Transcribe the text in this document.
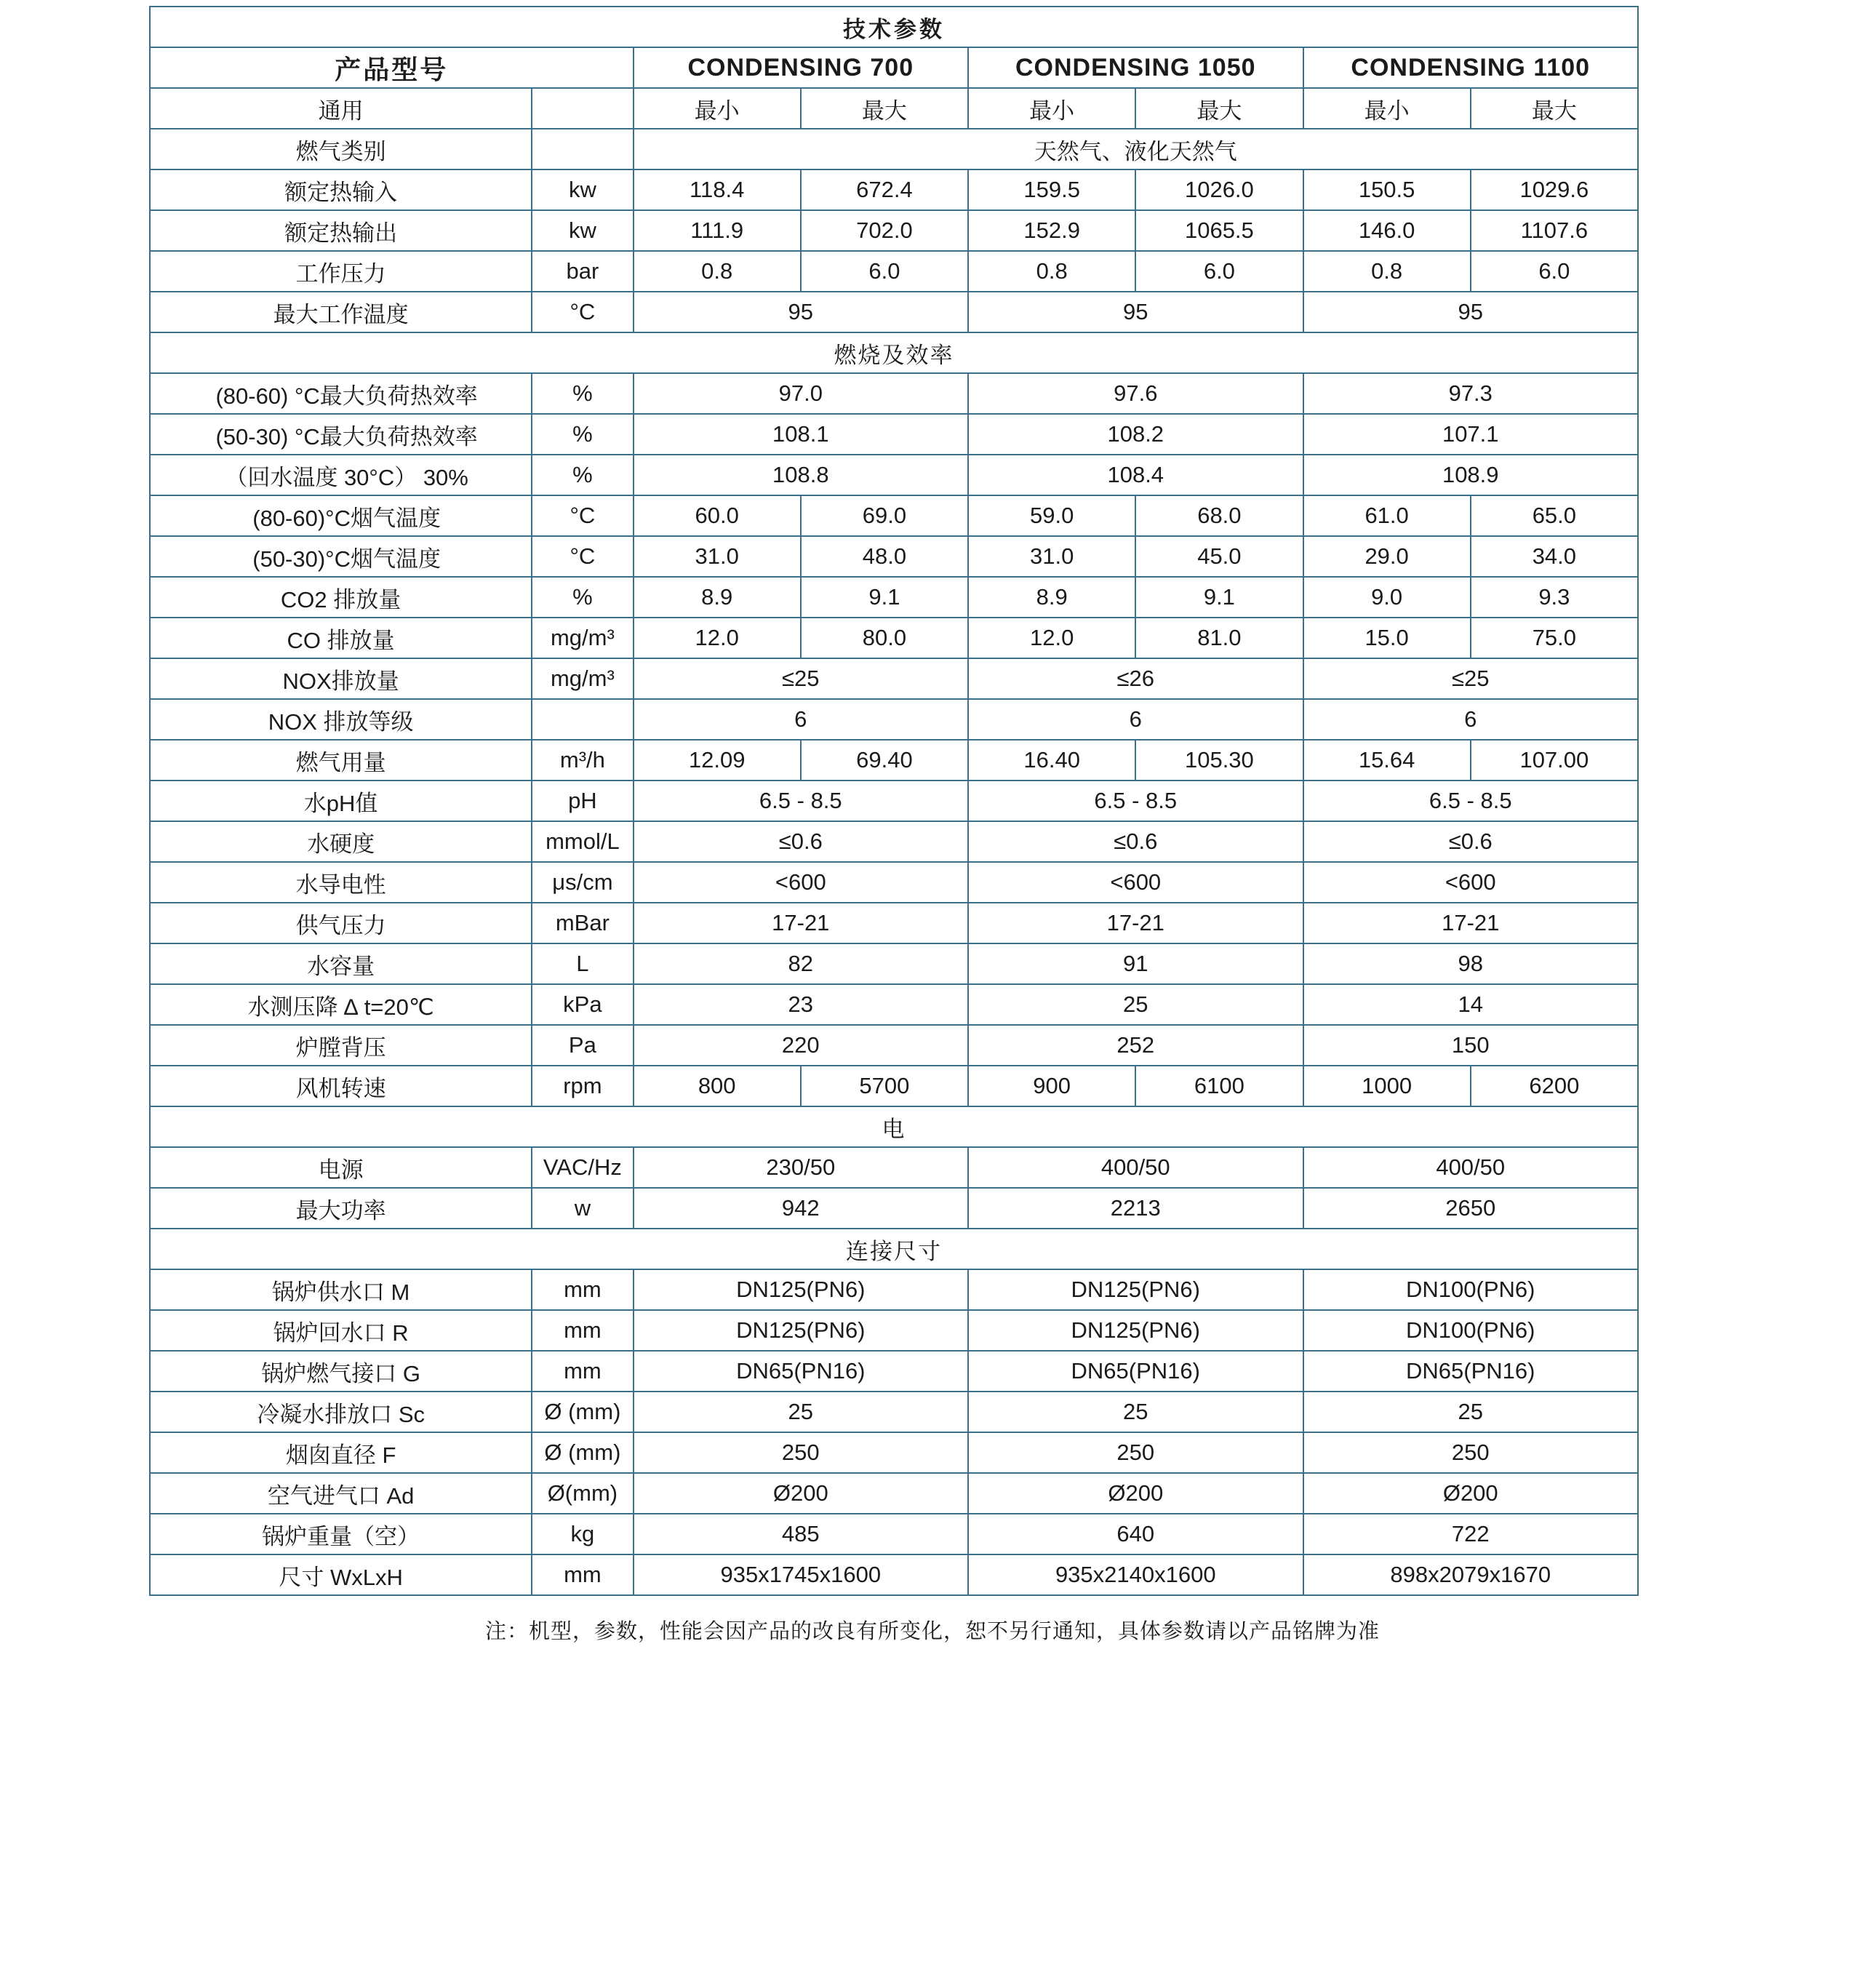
技术参数							
产品型号		CONDENSING 700		CONDENSING 1050		CONDENSING 1100	
通用		最小	最大	最小	最大	最小	最大
燃气类别		天然气、液化天然气					
额定热输入	kw	118.4	672.4	159.5	1026.0	150.5	1029.6
额定热输出	kw	111.9	702.0	152.9	1065.5	146.0	1107.6
工作压力	bar	0.8	6.0	0.8	6.0	0.8	6.0
最大工作温度	°C	95		95		95	
燃烧及效率							
(80-60) °C最大负荷热效率	%	97.0		97.6		97.3	
(50-30) °C最大负荷热效率	%	108.1		108.2		107.1	
（回水温度 30°C） 30%	%	108.8		108.4		108.9	
(80-60)°C烟气温度	°C	60.0	69.0	59.0	68.0	61.0	65.0
(50-30)°C烟气温度	°C	31.0	48.0	31.0	45.0	29.0	34.0
CO2 排放量	%	8.9	9.1	8.9	9.1	9.0	9.3
CO 排放量	mg/m³	12.0	80.0	12.0	81.0	15.0	75.0
NOX排放量	mg/m³	≤25		≤26		≤25	
NOX 排放等级		6		6		6	
燃气用量	m³/h	12.09	69.40	16.40	105.30	15.64	107.00
水pH值	pH	6.5 - 8.5		6.5 - 8.5		6.5 - 8.5	
水硬度	mmol/L	≤0.6		≤0.6		≤0.6	
水导电性	μs/cm	<600		<600		<600	
供气压力	mBar	17-21		17-21		17-21	
水容量	L	82		91		98	
水测压降 ∆ t=20℃	kPa	23		25		14	
炉膛背压	Pa	220		252		150	
风机转速	rpm	800	5700	900	6100	1000	6200
电							
电源	VAC/Hz	230/50		400/50		400/50	
最大功率	w	942		2213		2650	
连接尺寸							
锅炉供水口 M	mm	DN125(PN6)		DN125(PN6)		DN100(PN6)	
锅炉回水口 R	mm	DN125(PN6)		DN125(PN6)		DN100(PN6)	
锅炉燃气接口 G	mm	DN65(PN16)		DN65(PN16)		DN65(PN16)	
冷凝水排放口 Sc	Ø (mm)	25		25		25	
烟囱直径 F	Ø (mm)	250		250		250	
空气进气口 Ad	Ø(mm)	Ø200		Ø200		Ø200	
锅炉重量（空）	kg	485		640		722	
尺寸 WxLxH	mm	935x1745x1600		935x2140x1600		898x2079x1670	
注：机型，参数，性能会因产品的改良有所变化，恕不另行通知，具体参数请以产品铭牌为准
